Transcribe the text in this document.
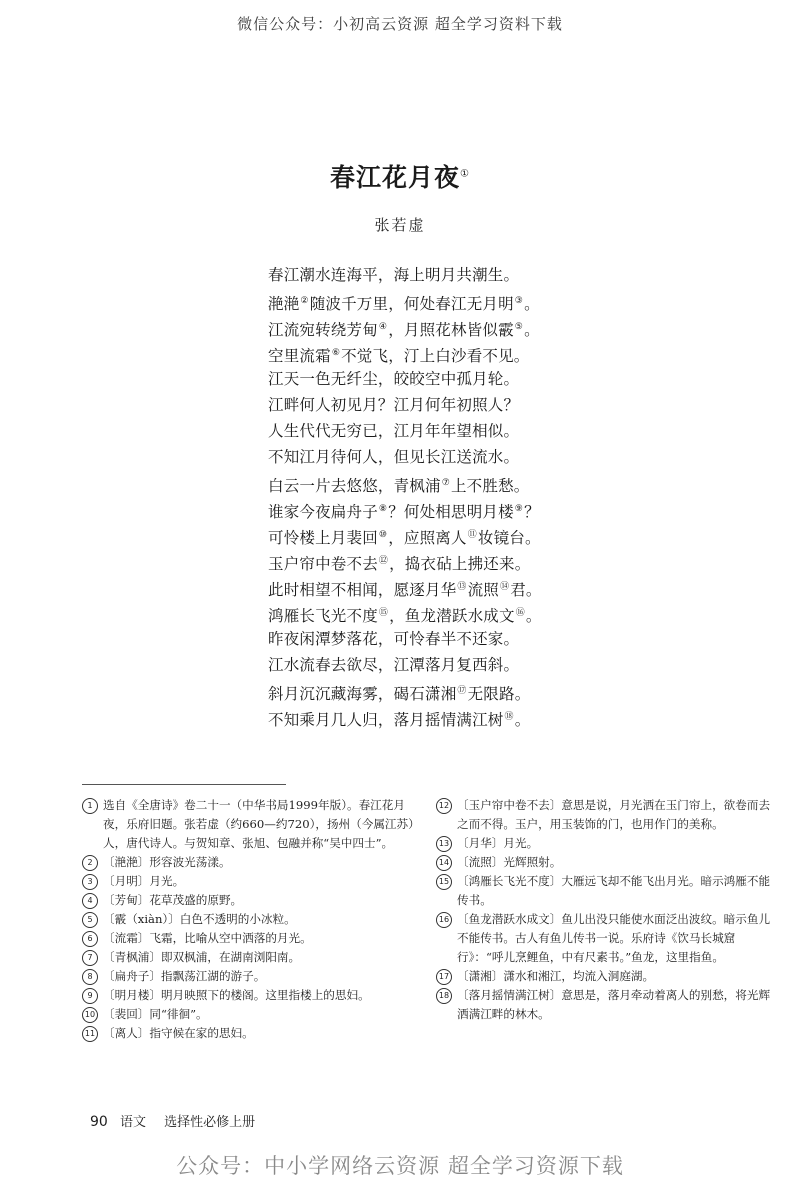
微信公众号：小初高云资源 超全学习资料下载
春江花月夜①
张若虚
春江潮水连海平，海上明月共潮生。
滟滟②随波千万里，何处春江无月明③。
江流宛转绕芳甸④，月照花林皆似霰⑤。
空里流霜⑥不觉飞，汀上白沙看不见。
江天一色无纤尘，皎皎空中孤月轮。
江畔何人初见月？江月何年初照人？
人生代代无穷已，江月年年望相似。
不知江月待何人，但见长江送流水。
白云一片去悠悠，青枫浦⑦上不胜愁。
谁家今夜扁舟子⑧？何处相思明月楼⑨？
可怜楼上月裴回⑩，应照离人⑪妆镜台。
玉户帘中卷不去⑫，捣衣砧上拂还来。
此时相望不相闻，愿逐月华⑬流照⑭君。
鸿雁长飞光不度⑮，鱼龙潜跃水成文⑯。
昨夜闲潭梦落花，可怜春半不还家。
江水流春去欲尽，江潭落月复西斜。
斜月沉沉藏海雾，碣石潇湘⑰无限路。
不知乘月几人归，落月摇情满江树⑱。
1 选自《全唐诗》卷二十一（中华书局1999年版）。春江花月夜，乐府旧题。张若虚（约660—约720），扬州（今属江苏）人，唐代诗人。与贺知章、张旭、包融并称“吴中四士”。
2 〔滟滟〕形容波光荡漾。
3 〔月明〕月光。
4 〔芳甸〕花草茂盛的原野。
5 〔霰（xiàn）〕白色不透明的小冰粒。
6 〔流霜〕飞霜，比喻从空中洒落的月光。
7 〔青枫浦〕即双枫浦，在湖南浏阳南。
8 〔扁舟子〕指飘荡江湖的游子。
9 〔明月楼〕明月映照下的楼阁。这里指楼上的思妇。
10 〔裴回〕同“徘徊”。
11 〔离人〕指守候在家的思妇。
12 〔玉户帘中卷不去〕意思是说，月光洒在玉门帘上，欲卷而去之而不得。玉户，用玉装饰的门，也用作门的美称。
13 〔月华〕月光。
14 〔流照〕光辉照射。
15 〔鸿雁长飞光不度〕大雁远飞却不能飞出月光。暗示鸿雁不能传书。
16 〔鱼龙潜跃水成文〕鱼儿出没只能使水面泛出波纹。暗示鱼儿不能传书。古人有鱼儿传书一说。乐府诗《饮马长城窟行》：“呼儿烹鲤鱼，中有尺素书。”鱼龙，这里指鱼。
17 〔潇湘〕潇水和湘江，均流入洞庭湖。
18 〔落月摇情满江树〕意思是，落月牵动着离人的别愁，将光辉洒满江畔的林木。
90 语文 选择性必修上册
公众号：中小学网络云资源 超全学习资源下载
